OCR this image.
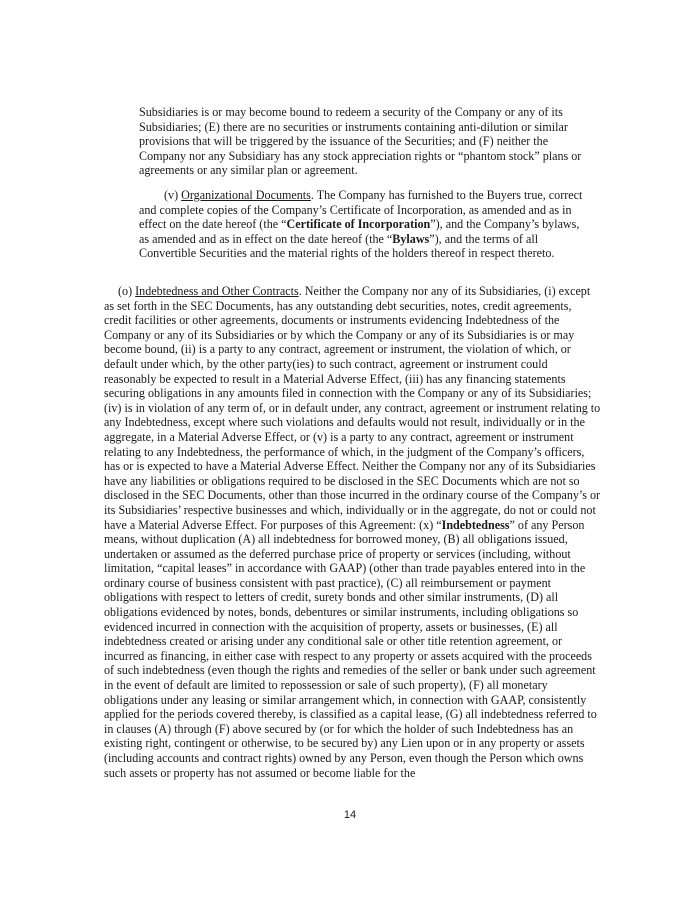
Subsidiaries is or may become bound to redeem a security of the Company or any of its Subsidiaries; (E) there are no securities or instruments containing anti-dilution or similar provisions that will be triggered by the issuance of the Securities; and (F) neither the Company nor any Subsidiary has any stock appreciation rights or “phantom stock” plans or agreements or any similar plan or agreement.

(v) Organizational Documents. The Company has furnished to the Buyers true, correct and complete copies of the Company’s Certificate of Incorporation, as amended and as in effect on the date hereof (the “Certificate of Incorporation”), and the Company’s bylaws, as amended and as in effect on the date hereof (the “Bylaws”), and the terms of all Convertible Securities and the material rights of the holders thereof in respect thereto.

(o) Indebtedness and Other Contracts. Neither the Company nor any of its Subsidiaries, (i) except as set forth in the SEC Documents, has any outstanding debt securities, notes, credit agreements, credit facilities or other agreements, documents or instruments evidencing Indebtedness of the Company or any of its Subsidiaries or by which the Company or any of its Subsidiaries is or may become bound, (ii) is a party to any contract, agreement or instrument, the violation of which, or default under which, by the other party(ies) to such contract, agreement or instrument could reasonably be expected to result in a Material Adverse Effect, (iii) has any financing statements securing obligations in any amounts filed in connection with the Company or any of its Subsidiaries; (iv) is in violation of any term of, or in default under, any contract, agreement or instrument relating to any Indebtedness, except where such violations and defaults would not result, individually or in the aggregate, in a Material Adverse Effect, or (v) is a party to any contract, agreement or instrument relating to any Indebtedness, the performance of which, in the judgment of the Company’s officers, has or is expected to have a Material Adverse Effect. Neither the Company nor any of its Subsidiaries have any liabilities or obligations required to be disclosed in the SEC Documents which are not so disclosed in the SEC Documents, other than those incurred in the ordinary course of the Company’s or its Subsidiaries’ respective businesses and which, individually or in the aggregate, do not or could not have a Material Adverse Effect. For purposes of this Agreement: (x) “Indebtedness” of any Person means, without duplication (A) all indebtedness for borrowed money, (B) all obligations issued, undertaken or assumed as the deferred purchase price of property or services (including, without limitation, “capital leases” in accordance with GAAP) (other than trade payables entered into in the ordinary course of business consistent with past practice), (C) all reimbursement or payment obligations with respect to letters of credit, surety bonds and other similar instruments, (D) all obligations evidenced by notes, bonds, debentures or similar instruments, including obligations so evidenced incurred in connection with the acquisition of property, assets or businesses, (E) all indebtedness created or arising under any conditional sale or other title retention agreement, or incurred as financing, in either case with respect to any property or assets acquired with the proceeds of such indebtedness (even though the rights and remedies of the seller or bank under such agreement in the event of default are limited to repossession or sale of such property), (F) all monetary obligations under any leasing or similar arrangement which, in connection with GAAP, consistently applied for the periods covered thereby, is classified as a capital lease, (G) all indebtedness referred to in clauses (A) through (F) above secured by (or for which the holder of such Indebtedness has an existing right, contingent or otherwise, to be secured by) any Lien upon or in any property or assets (including accounts and contract rights) owned by any Person, even though the Person which owns such assets or property has not assumed or become liable for the

14
